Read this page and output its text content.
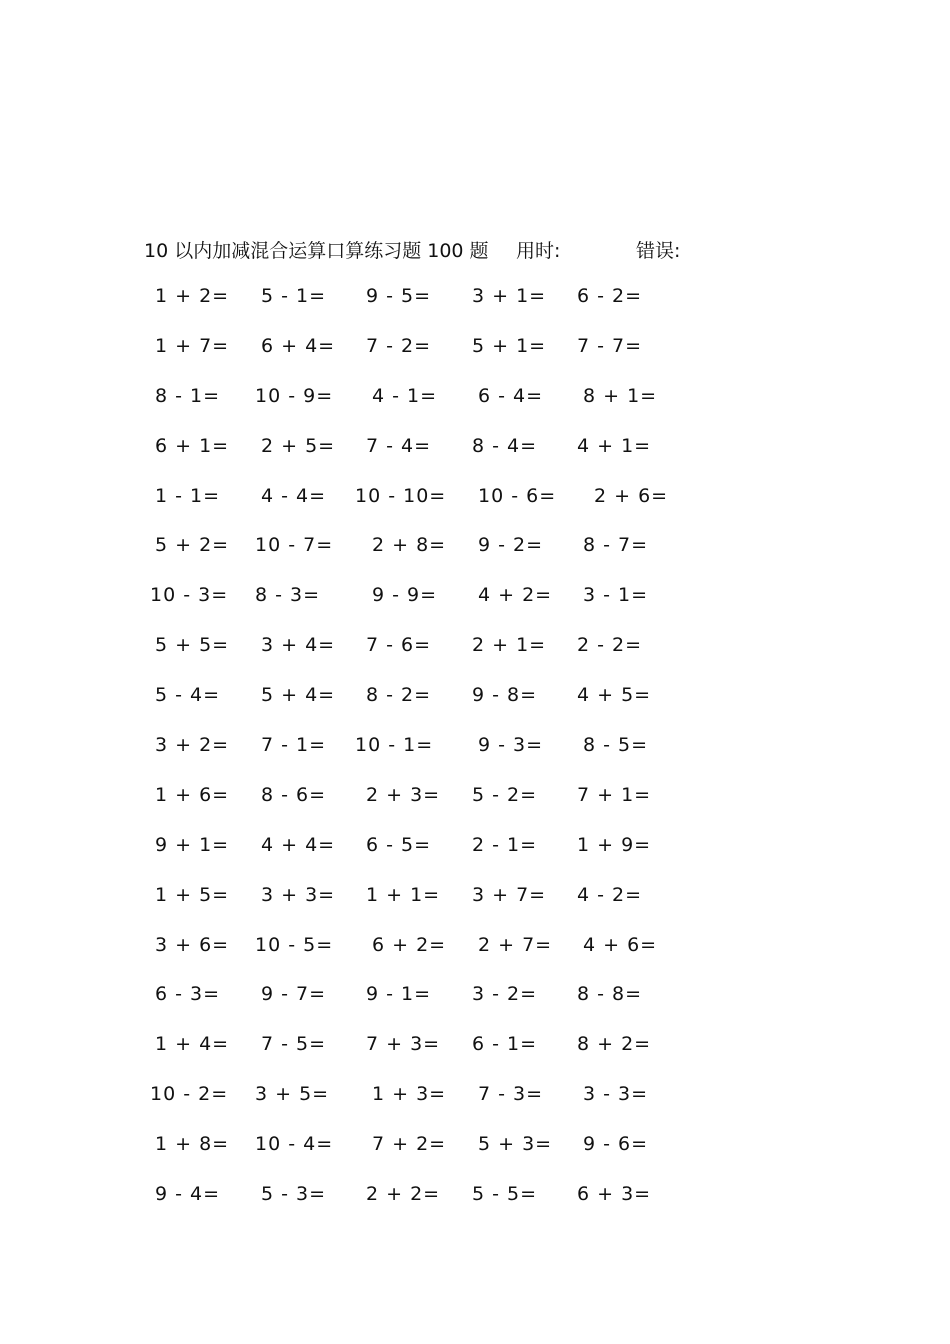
10 以内加减混合运算口算练习题 100 题 用时:	错误:
1 + 2= 5 - 1= 9 - 5= 3 + 1= 6 - 2=
1 + 7= 6 + 4= 7 - 2= 5 + 1= 7 - 7=
8 - 1= 10 - 9= 4 - 1= 6 - 4= 8 + 1=
6 + 1= 2 + 5= 7 - 4= 8 - 4= 4 + 1=
1 - 1= 4 - 4= 10 - 10= 10 - 6= 2 + 6=
5 + 2= 10 - 7= 2 + 8= 9 - 2= 8 - 7=
10 - 3= 8 - 3=	9 - 9= 4 + 2= 3 - 1=
5 + 5= 3 + 4= 7 - 6= 2 + 1= 2 - 2=
5 - 4= 5 + 4= 8 - 2= 9 - 8= 4 + 5=
3 + 2= 7 - 1= 10 - 1= 9 - 3= 8 - 5=
1 + 6= 8 - 6= 2 + 3= 5 - 2= 7 + 1=
9 + 1= 4 + 4= 6 - 5= 2 - 1= 1 + 9=
1 + 5= 3 + 3= 1 + 1= 3 + 7= 4 - 2=
3 + 6= 10 - 5= 6 + 2= 2 + 7= 4 + 6=
6 - 3= 9 - 7= 9 - 1= 3 - 2= 8 - 8=
1 + 4= 7 - 5= 7 + 3= 6 - 1= 8 + 2=
10 - 2= 3 + 5= 1 + 3= 7 - 3= 3 - 3=
1 + 8= 10 - 4= 7 + 2= 5 + 3= 9 - 6=
9 - 4= 5 - 3= 2 + 2= 5 - 5= 6 + 3=
